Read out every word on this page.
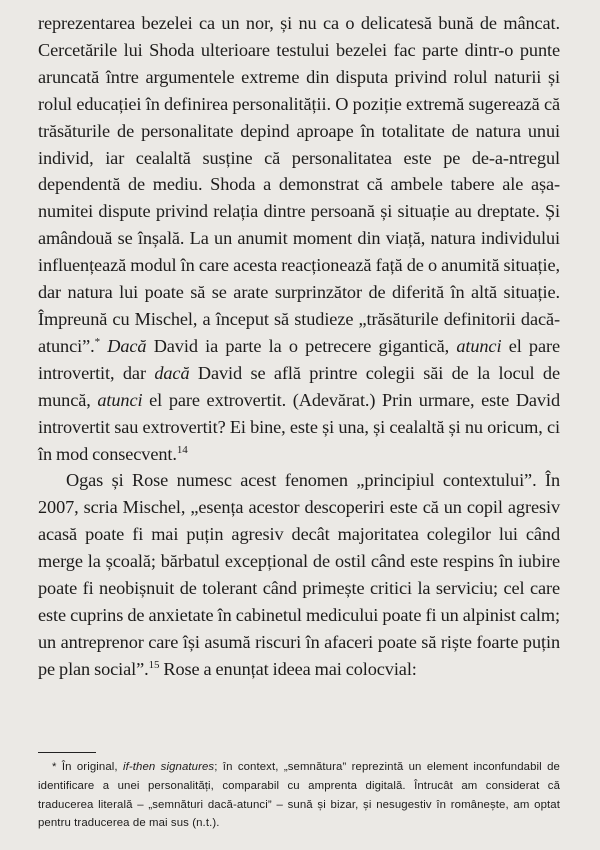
reprezentarea bezelei ca un nor, și nu ca o delicatesă bună de mâncat. Cercetările lui Shoda ulterioare testului bezelei fac parte dintr-o punte aruncată între argumentele extreme din disputa privind rolul naturii și rolul educației în definirea personalității. O poziție extremă sugerează că trăsăturile de personalitate depind aproape în totalitate de natura unui individ, iar cealaltă susține că personalitatea este pe de-a-ntregul dependentă de mediu. Shoda a demonstrat că ambele tabere ale așa-numitei dispute privind relația dintre persoană și situație au dreptate. Și amândouă se înșală. La un anumit moment din viață, natura individului influențează modul în care acesta reacționează față de o anumită situație, dar natura lui poate să se arate surprinzător de diferită în altă situație. Împreună cu Mischel, a început să studieze „trăsăturile definitorii dacă-atunci”.* Dacă David ia parte la o petrecere gigantică, atunci el pare introvertit, dar dacă David se află printre colegii săi de la locul de muncă, atunci el pare extrovertit. (Adevărat.) Prin urmare, este David introvertit sau extrovertit? Ei bine, este și una, și cealaltă și nu oricum, ci în mod consecvent.$^{14}$

Ogas și Rose numesc acest fenomen „principiul contextului”. În 2007, scria Mischel, „esența acestor descoperiri este că un copil agresiv acasă poate fi mai puțin agresiv decât majoritatea colegilor lui când merge la școală; bărbatul excepțional de ostil când este respins în iubire poate fi neobișnuit de tolerant când primește critici la serviciu; cel care este cuprins de anxietate în cabinetul medicului poate fi un alpinist calm; un antreprenor care își asumă riscuri în afaceri poate să riște foarte puțin pe plan social”.$^{15}$ Rose a enunțat ideea mai colocvial:

* În original, if-then signatures; în context, „semnătura” reprezintă un element inconfundabil de identificare a unei personalități, comparabil cu amprenta digitală. Întrucât am considerat că traducerea literală – „semnături dacă-atunci” – sună și bizar, și nesugestiv în românește, am optat pentru traducerea de mai sus (n.t.).
